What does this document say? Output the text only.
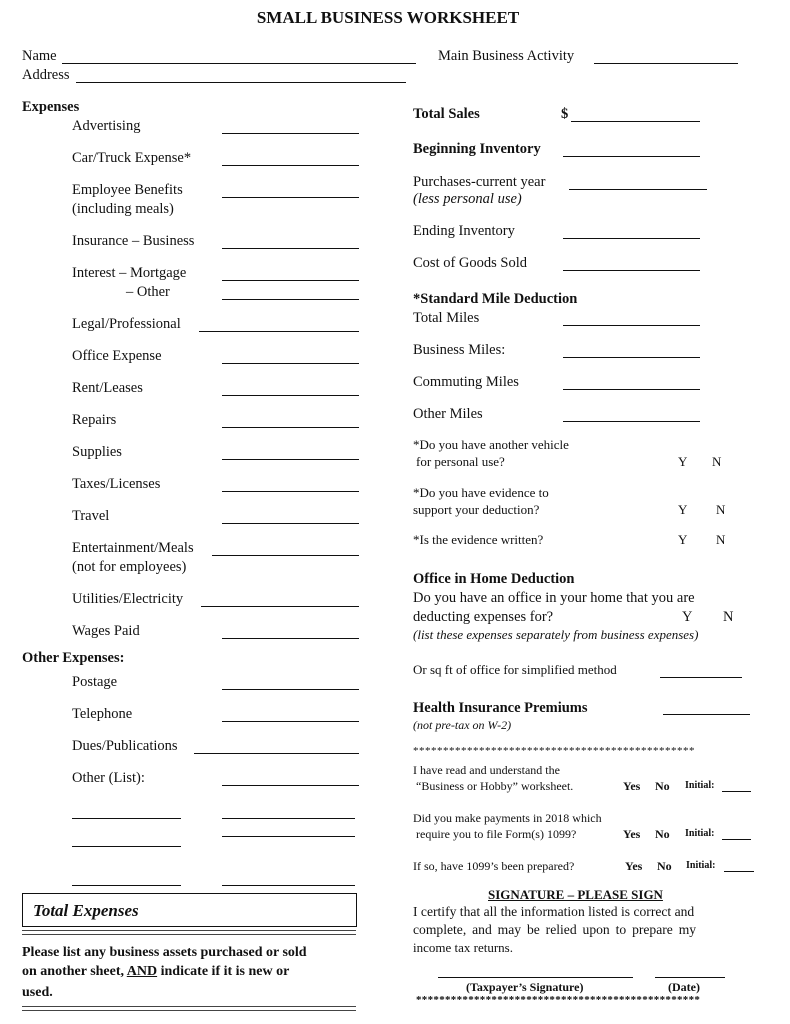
SMALL BUSINESS WORKSHEET
Name	Main Business Activity
Address
Expenses
Advertising
Car/Truck Expense*
Employee Benefits
(including meals)
Insurance – Business
Interest – Mortgage
– Other
Legal/Professional
Office Expense
Rent/Leases
Repairs
Supplies
Taxes/Licenses
Travel
Entertainment/Meals
(not for employees)
Utilities/Electricity
Wages Paid
Other Expenses:
Postage
Telephone
Dues/Publications
Other (List):
Total Expenses
Please list any business assets purchased or sold
on another sheet, AND indicate if it is new or
used.
Total Sales	$
Beginning Inventory
Purchases-current year
(less personal use)
Ending Inventory
Cost of Goods Sold
*Standard Mile Deduction
Total Miles
Business Miles:
Commuting Miles
Other Miles
*Do you have another vehicle
for personal use?	Y N
*Do you have evidence to
support your deduction?	Y N
*Is the evidence written?	Y N
Office in Home Deduction
Do you have an office in your home that you are
deducting expenses for?	Y N
(list these expenses separately from business expenses)
Or sq ft of office for simplified method
Health Insurance Premiums
(not pre-tax on W-2)
***********************************************
I have read and understand the
“Business or Hobby” worksheet.	Yes No Initial:
Did you make payments in 2018 which
require you to file Form(s) 1099?	Yes No Initial:
If so, have 1099’s been prepared?	Yes No Initial:
SIGNATURE – PLEASE SIGN
I certify that all the information listed is correct and
complete, and may be relied upon to prepare my
income tax returns.
(Taxpayer’s Signature)	(Date)
*************************************************
